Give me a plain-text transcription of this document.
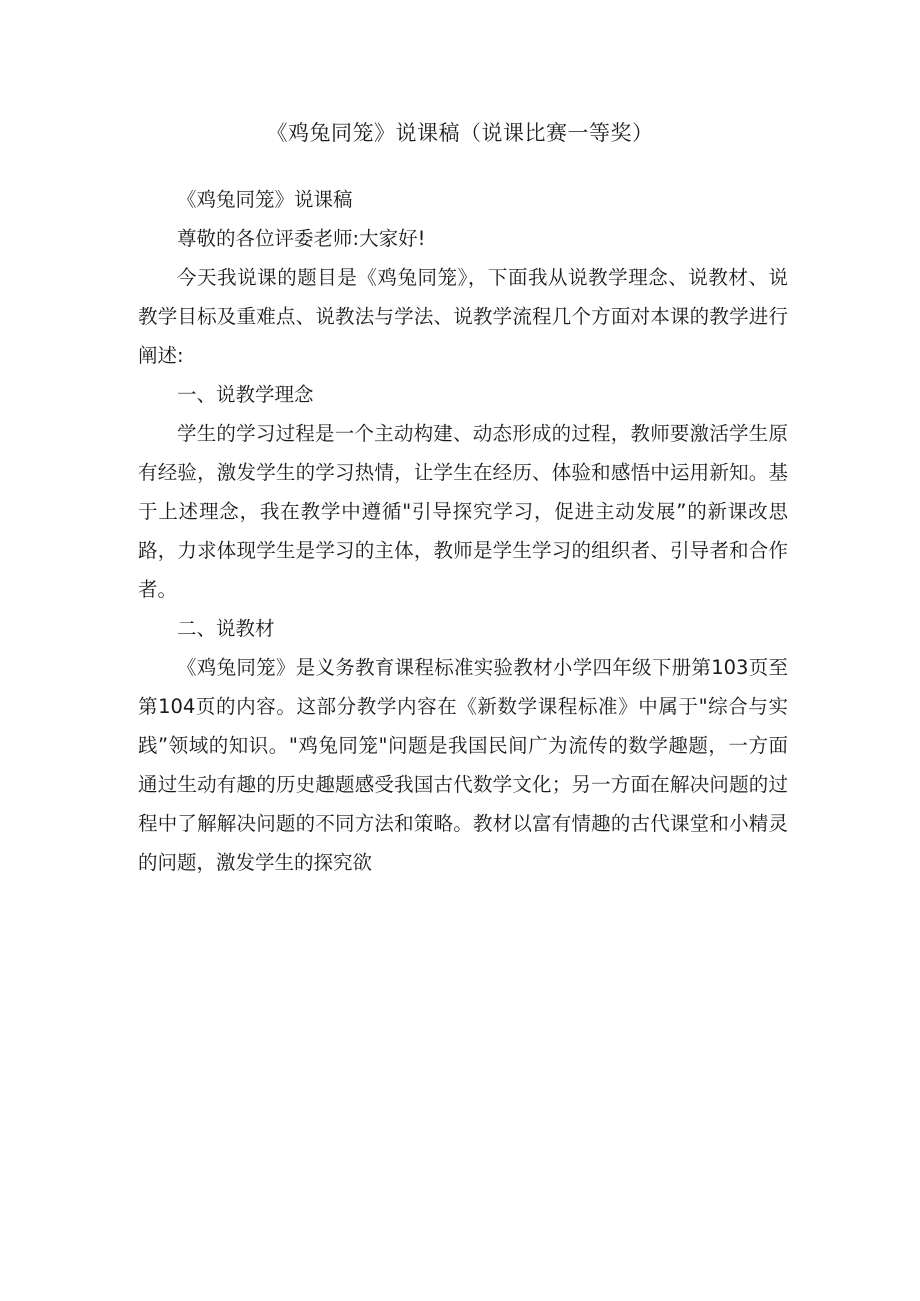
《鸡兔同笼》说课稿（说课比赛一等奖）

《鸡兔同笼》说课稿

尊敬的各位评委老师:大家好!

今天我说课的题目是《鸡兔同笼》，下面我从说教学理念、说教材、说教学目标及重难点、说教法与学法、说教学流程几个方面对本课的教学进行阐述:

一、说教学理念

学生的学习过程是一个主动构建、动态形成的过程，教师要激活学生原有经验，激发学生的学习热情，让学生在经历、体验和感悟中运用新知。基于上述理念，我在教学中遵循"引导探究学习，促进主动发展”的新课改思路，力求体现学生是学习的主体，教师是学生学习的组织者、引导者和合作者。

二、说教材

《鸡兔同笼》是义务教育课程标准实验教材小学四年级下册第103页至第104页的内容。这部分教学内容在《新数学课程标准》中属于"综合与实践”领域的知识。"鸡兔同笼"问题是我国民间广为流传的数学趣题，一方面通过生动有趣的历史趣题感受我国古代数学文化；另一方面在解决问题的过程中了解解决问题的不同方法和策略。教材以富有情趣的古代课堂和小精灵的问题，激发学生的探究欲
